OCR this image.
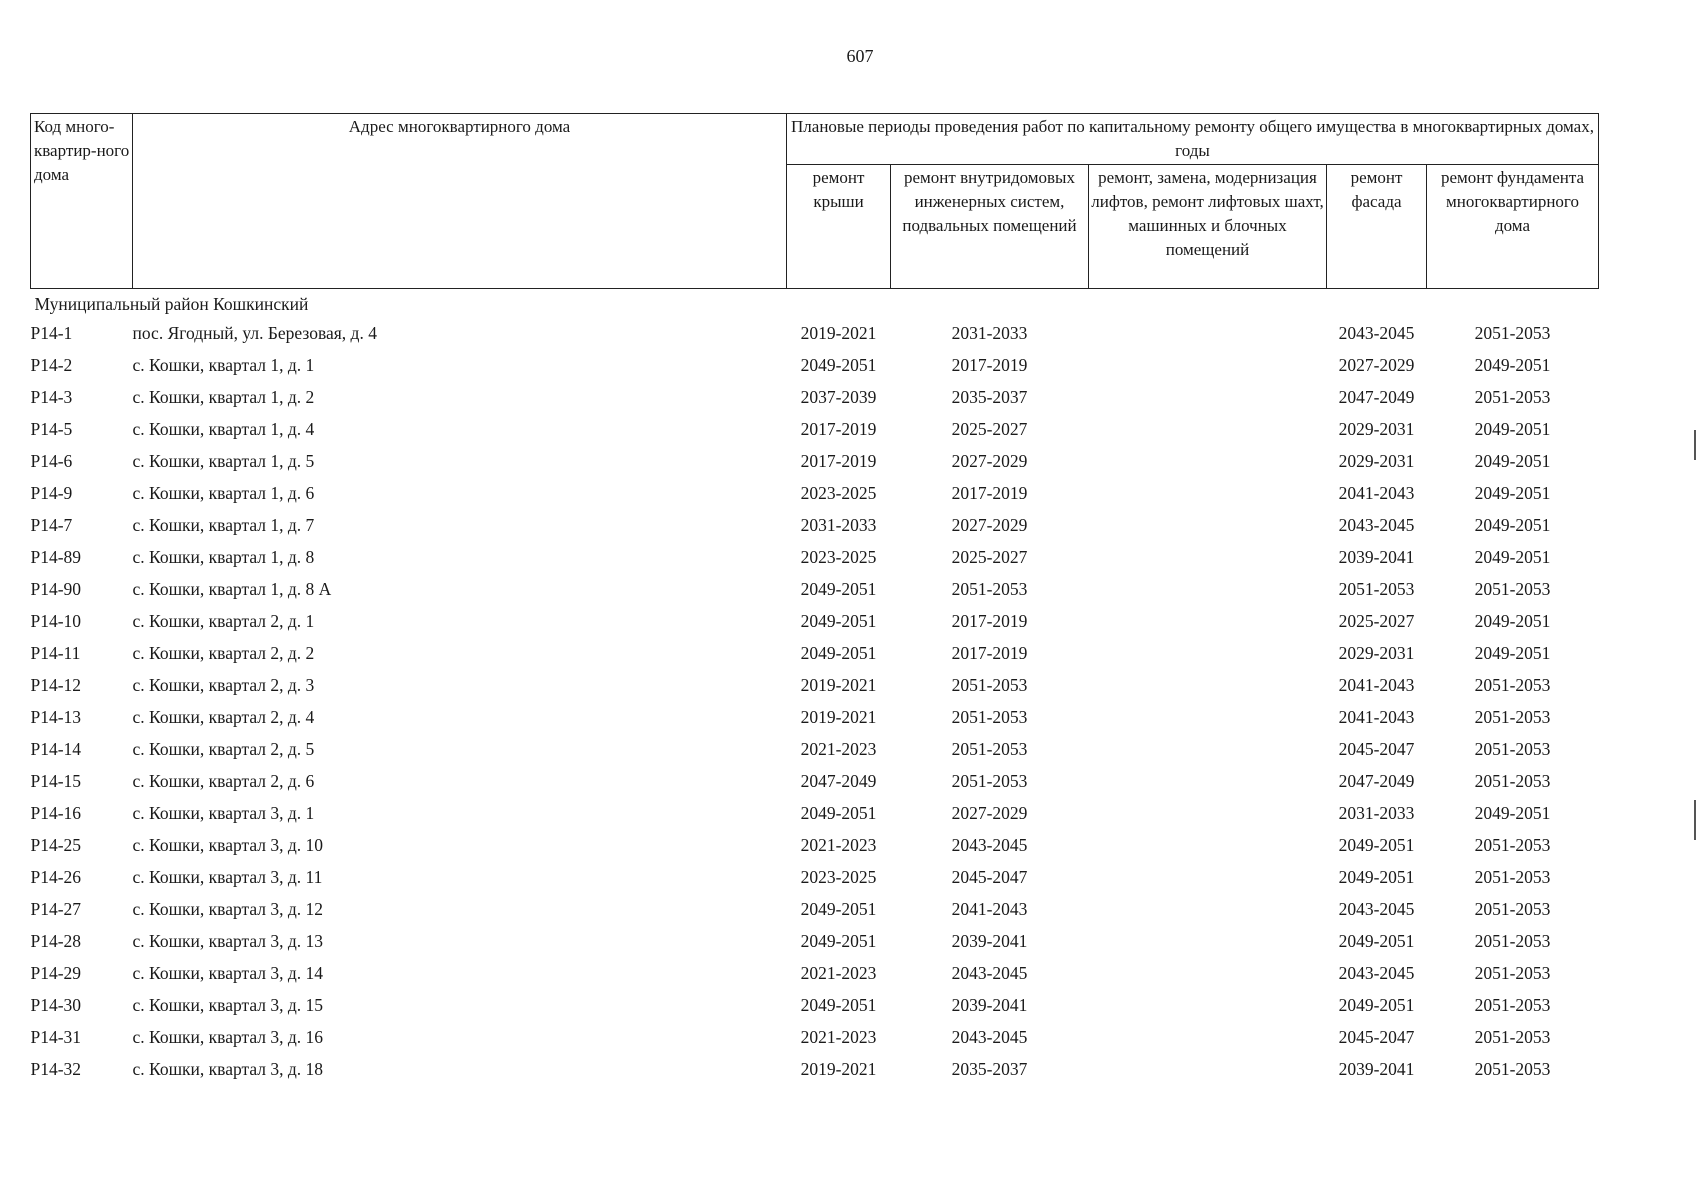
607
Код много-квартир-ного дома	Адрес многоквартирного дома	Плановые периоды проведения работ по капитальному ремонту общего имущества в многоквартирных домах, годы				
		ремонт крыши	ремонт внутридомовых инженерных систем, подвальных помещений	ремонт, замена, модернизация лифтов, ремонт лифтовых шахт, машинных и блочных помещений	ремонт фасада	ремонт фундамента многоквартирного дома
Муниципальный район Кошкинский						
Р14-1	пос. Ягодный, ул. Березовая, д. 4	2019-2021	2031-2033		2043-2045	2051-2053
Р14-2	с. Кошки, квартал 1, д. 1	2049-2051	2017-2019		2027-2029	2049-2051
Р14-3	с. Кошки, квартал 1, д. 2	2037-2039	2035-2037		2047-2049	2051-2053
Р14-5	с. Кошки, квартал 1, д. 4	2017-2019	2025-2027		2029-2031	2049-2051
Р14-6	с. Кошки, квартал 1, д. 5	2017-2019	2027-2029		2029-2031	2049-2051
Р14-9	с. Кошки, квартал 1, д. 6	2023-2025	2017-2019		2041-2043	2049-2051
Р14-7	с. Кошки, квартал 1, д. 7	2031-2033	2027-2029		2043-2045	2049-2051
Р14-89	с. Кошки, квартал 1, д. 8	2023-2025	2025-2027		2039-2041	2049-2051
Р14-90	с. Кошки, квартал 1, д. 8 А	2049-2051	2051-2053		2051-2053	2051-2053
Р14-10	с. Кошки, квартал 2, д. 1	2049-2051	2017-2019		2025-2027	2049-2051
Р14-11	с. Кошки, квартал 2, д. 2	2049-2051	2017-2019		2029-2031	2049-2051
Р14-12	с. Кошки, квартал 2, д. 3	2019-2021	2051-2053		2041-2043	2051-2053
Р14-13	с. Кошки, квартал 2, д. 4	2019-2021	2051-2053		2041-2043	2051-2053
Р14-14	с. Кошки, квартал 2, д. 5	2021-2023	2051-2053		2045-2047	2051-2053
Р14-15	с. Кошки, квартал 2, д. 6	2047-2049	2051-2053		2047-2049	2051-2053
Р14-16	с. Кошки, квартал 3, д. 1	2049-2051	2027-2029		2031-2033	2049-2051
Р14-25	с. Кошки, квартал 3, д. 10	2021-2023	2043-2045		2049-2051	2051-2053
Р14-26	с. Кошки, квартал 3, д. 11	2023-2025	2045-2047		2049-2051	2051-2053
Р14-27	с. Кошки, квартал 3, д. 12	2049-2051	2041-2043		2043-2045	2051-2053
Р14-28	с. Кошки, квартал 3, д. 13	2049-2051	2039-2041		2049-2051	2051-2053
Р14-29	с. Кошки, квартал 3, д. 14	2021-2023	2043-2045		2043-2045	2051-2053
Р14-30	с. Кошки, квартал 3, д. 15	2049-2051	2039-2041		2049-2051	2051-2053
Р14-31	с. Кошки, квартал 3, д. 16	2021-2023	2043-2045		2045-2047	2051-2053
Р14-32	с. Кошки, квартал 3, д. 18	2019-2021	2035-2037		2039-2041	2051-2053
